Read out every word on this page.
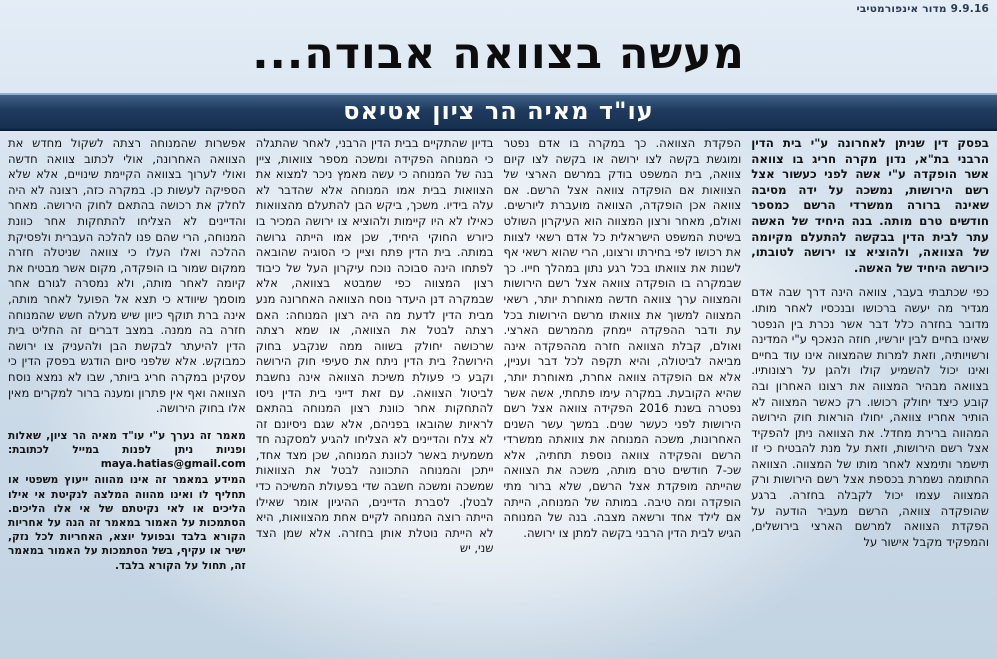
9.9.16 מדור אינפורמטיבי
מעשה בצוואה אבודה...
עו"ד מאיה הר ציון אטיאס

בפסק דין שניתן לאחרונה ע"י בית הדין הרבני בת"א, נדון מקרה חריג בו צוואה אשר הופקדה ע"י אשה לפני כעשור אצל רשם הירושות, נמשכה על ידה מסיבה שאינה ברורה ממשרדי הרשם כמספר חודשים טרם מותה. בנה היחיד של האשה עתר לבית הדין בבקשה להתעלם מקיומה של הצוואה, ולהוציא צו ירושה לטובתו, כיורשה היחיד של האשה.

כפי שכתבתי בעבר, צוואה הינה דרך שבה אדם מגדיר מה יעשה ברכושו ובנכסיו לאחר מותו. מדובר בחזרה כלל דבר אשר נכרת בין הנפטר שאינו בחיים לבין יורשיו, חוזה הנאכף ע"י המדינה ורשויותיה, וזאת למרות שהמצווה אינו עוד בחיים ואינו יכול להשמיע קולו ולהגן על רצונותיו. בצוואה מבהיר המצווה את רצונו האחרון ובה קובע כיצד יחולק רכושו. רק כאשר המצווה לא הותיר אחריו צוואה, יחולו הוראות חוק הירושה המהווה ברירת מחדל. את הצוואה ניתן להפקיד אצל רשם הירושות, וזאת על מנת להבטיח כי זו תישמר ותימצא לאחר מותו של המצווה. הצוואה החתומה נשמרת בכספת אצל רשם הירושות ורק המצווה עצמו יכול לקבלה בחזרה. ברגע שהופקדה צוואה, הרשם מעביר הודעה על הפקדת הצוואה למרשם הארצי בירושלים, והמפקיד מקבל אישור על

הפקדת הצוואה. כך במקרה בו אדם נפטר ומוגשת בקשה לצו ירושה או בקשה לצו קיום צוואה, בית המשפט בודק במרשם הארצי של הצוואות אם הופקדה צוואה אצל הרשם. אם צוואה אכן הופקדה, הצוואה מועברת ליורשים. ואולם, מאחר ורצון המצווה הוא העיקרון השולט בשיטת המשפט הישראלית כל אדם רשאי לצוות את רכושו לפי בחירתו ורצונו, הרי שהוא רשאי אף לשנות את צוואתו בכל רגע נתון במהלך חייו. כך שבמקרה בו הופקדה צוואה אצל רשם הירושות והמצווה ערך צוואה חדשה מאוחרת יותר, רשאי המצווה למשוך את צוואתו מרשם הירושות בכל עת ודבר ההפקדה יימחק מהמרשם הארצי. ואולם, קבלת הצוואה חזרה מההפקדה אינה מביאה לביטולה, והיא תקפה לכל דבר ועניין, אלא אם הופקדה צוואה אחרת, מאוחרת יותר, שהיא הקובעת. במקרה עימו פתחתי, אשה אשר נפטרה בשנת 2016 הפקידה צוואה אצל רשם הירושות לפני כעשר שנים. במשך עשר השנים האחרונות, משכה המנוחה את צוואתה ממשרדי הרשם והפקידה צוואה נוספת תחתיה, אלא שכ-7 חודשים טרם מותה, משכה את הצוואה שהייתה מופקדת אצל הרשם, שלא ברור מתי הופקדה ומה טיבה. במותה של המנוחה, הייתה אם לילד אחד ורשאה מצבה. בנה של המנוחה הגיש לבית הדין הרבני בקשה למתן צו ירושה.

בדיון שהתקיים בבית הדין הרבני, לאחר שהתגלה כי המנוחה הפקידה ומשכה מספר צוואות, ציין בנה של המנוחה כי עשה מאמץ ניכר למצוא את הצוואות בבית אמו המנוחה אלא שהדבר לא עלה בידיו. משכך, ביקש הבן להתעלם מהצוואות כאילו לא היו קיימות ולהוציא צו ירושה המכיר בו כיורש החוקי היחיד, שכן אמו הייתה גרושה במותה. בית הדין פתח וציין כי הסוגיה שהובאה לפתחו הינה סבוכה נוכח עיקרון העל של כיבוד רצון המצווה כפי שמבטא בצוואה, אלא שבמקרה דנן היעדר נוסח הצוואה האחרונה מנע מבית הדין לדעת מה היה רצון המנוחה: האם רצתה לבטל את הצוואה, או שמא רצתה שרכושה יחולק בשווה ממה שנקבע בחוק הירושה? בית הדין ניתח את סעיפי חוק הירושה וקבע כי פעולת משיכת הצוואה אינה נחשבת לביטול הצוואה. עם זאת דייני בית הדין ניסו להתחקות אחר כוונת רצון המנוחה בהתאם לראיות שהובאו בפניהם, אלא שגם ניסיונם זה לא צלח והדיינים לא הצליחו להגיע למסקנה חד משמעית באשר לכוונת המנוחה, שכן מצד אחד, ייתכן והמנוחה התכוונה לבטל את הצוואות שמשכה ומשכה חשבה שדי בפעולת המשיכה כדי לבטלן. לסברת הדיינים, ההיגיון אומר שאילו הייתה רוצה המנוחה לקיים אחת מהצוואות, היא לא הייתה נוטלת אותן בחזרה. אלא שמן הצד שני, יש

אפשרות שהמנוחה רצתה לשקול מחדש את הצוואה האחרונה, אולי לכתוב צוואה חדשה ואולי לערוך בצוואה הקיימת שינויים, אלא שלא הספיקה לעשות כן. במקרה כזה, רצונה לא היה לחלק את רכושה בהתאם לחוק הירושה. מאחר והדיינים לא הצליחו להתחקות אחר כוונת המנוחה, הרי שהם פנו להלכה העברית ולפסיקת ההלכה ואלו העלו כי צוואה שניטלה חזרה ממקום שמור בו הופקדה, מקום אשר מבטיח את קיומה לאחר מותה, ולא נמסרה לגורם אחר מוסמך שיוודא כי תצא אל הפועל לאחר מותה, אינה ברת תוקף כיוון שיש מעלה חשש שהמנוחה חזרה בה ממנה. במצב דברים זה החליט בית הדין להיעתר לבקשת הבן ולהעניק צו ירושה כמבוקש. אלא שלפני סיום הודגש בפסק הדין כי עסקינן במקרה חריג ביותר, שבו לא נמצא נוסח הצוואה ואף אין פתרון ומענה ברור למקרים מאין אלו בחוק הירושה.

מאמר זה נערך ע"י עו"ד מאיה הר ציון, שאלות ופניות ניתן לפנות במייל לכתובת: maya.hatias@gmail.com

המידע במאמר זה אינו מהווה ייעוץ משפטי או תחליף לו ואינו מהווה המלצה לנקיטת אי אילו הליכים או לאי נקיטתם של אי אלו הליכים. הסתמכות על האמור במאמר זה הנה על אחריות הקורא בלבד ובפועל יוצא, האחריות לכל נזק, ישיר או עקיף, בשל הסתמכות על האמור במאמר זה, תחול על הקורא בלבד.
